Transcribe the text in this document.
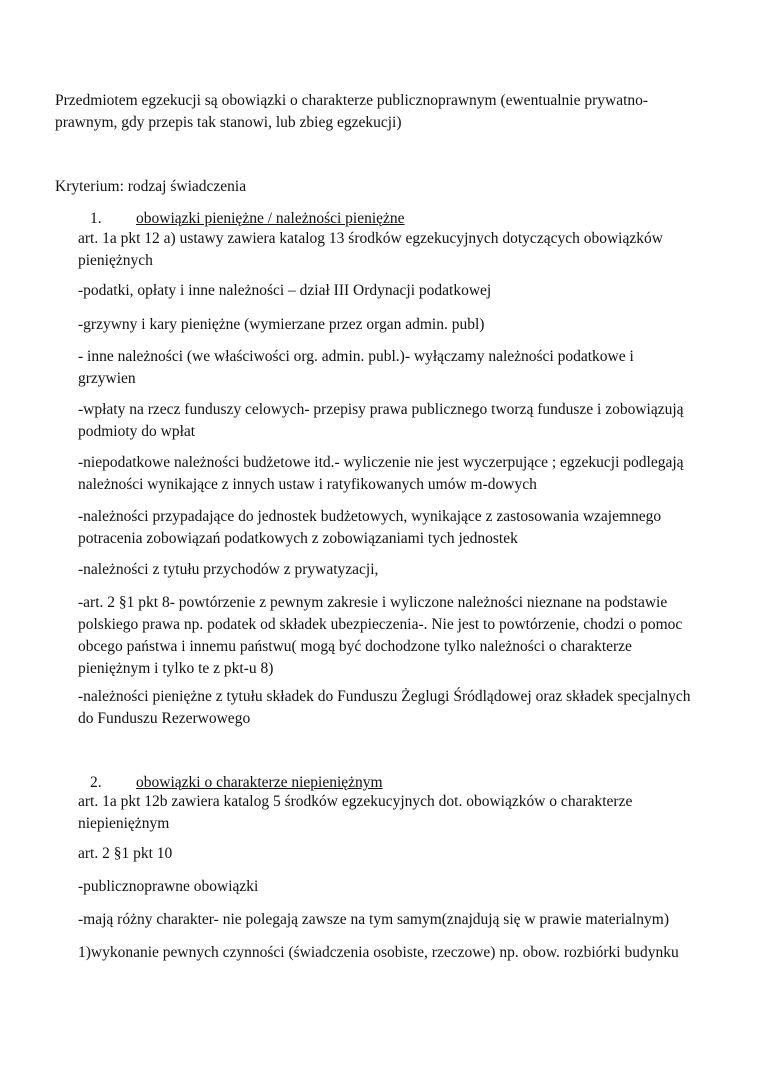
Przedmiotem egzekucji są obowiązki o charakterze publicznoprawnym (ewentualnie prywatno-
prawnym, gdy przepis tak stanowi, lub zbieg egzekucji)

Kryterium: rodzaj świadczenia

1. obowiązki pieniężne / należności pieniężne

art. 1a pkt 12 a) ustawy zawiera katalog 13 środków egzekucyjnych dotyczących obowiązków
pieniężnych

-podatki, opłaty i inne należności – dział III Ordynacji podatkowej

-grzywny i kary pieniężne (wymierzane przez organ admin. publ)

- inne należności (we właściwości org. admin. publ.)- wyłączamy należności podatkowe i
grzywien

-wpłaty na rzecz funduszy celowych- przepisy prawa publicznego tworzą fundusze i zobowiązują
podmioty do wpłat

-niepodatkowe należności budżetowe itd.- wyliczenie nie jest wyczerpujące ; egzekucji podlegają
należności wynikające z innych ustaw i ratyfikowanych umów m-dowych

-należności przypadające do jednostek budżetowych, wynikające z zastosowania wzajemnego
potracenia zobowiązań podatkowych z zobowiązaniami tych jednostek

-należności z tytułu przychodów z prywatyzacji,

-art. 2 §1 pkt 8- powtórzenie z pewnym zakresie i wyliczone należności nieznane na podstawie
polskiego prawa np. podatek od składek ubezpieczenia-. Nie jest to powtórzenie, chodzi o pomoc
obcego państwa i innemu państwu( mogą być dochodzone tylko należności o charakterze
pieniężnym i tylko te z pkt-u 8)

-należności pieniężne z tytułu składek do Funduszu Żeglugi Śródlądowej oraz składek specjalnych
do Funduszu Rezerwowego

2. obowiązki o charakterze niepieniężnym

art. 1a pkt 12b zawiera katalog 5 środków egzekucyjnych dot. obowiązków o charakterze
niepieniężnym

art. 2 §1 pkt 10

-publicznoprawne obowiązki

-mają różny charakter- nie polegają zawsze na tym samym(znajdują się w prawie materialnym)

1)wykonanie pewnych czynności (świadczenia osobiste, rzeczowe) np. obow. rozbiórki budynku
